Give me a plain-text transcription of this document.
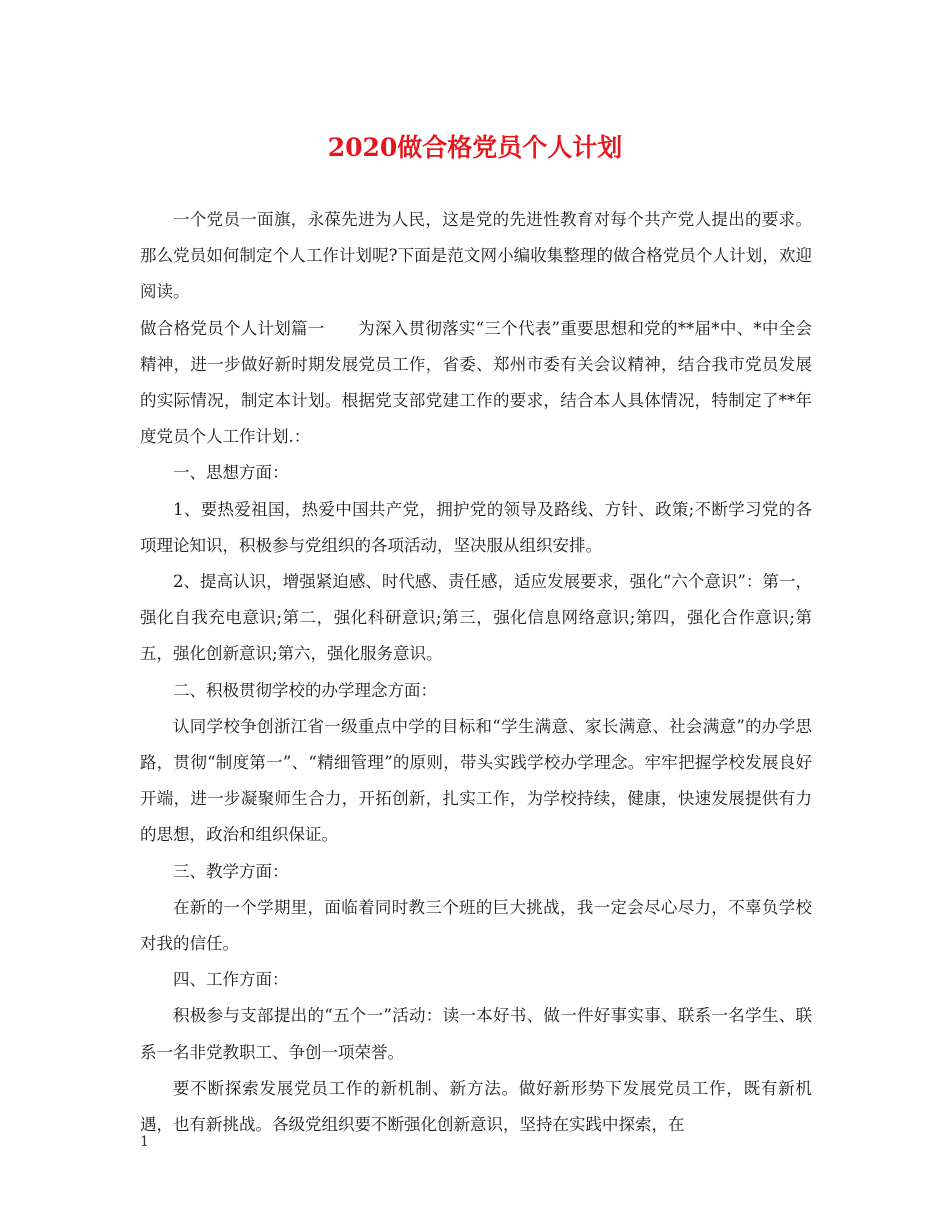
2020做合格党员个人计划

一个党员一面旗，永葆先进为人民，这是党的先进性教育对每个共产党人提出的要求。那么党员如何制定个人工作计划呢?下面是范文网小编收集整理的做合格党员个人计划，欢迎阅读。

做合格党员个人计划篇一　　为深入贯彻落实“三个代表”重要思想和党的**届*中、*中全会精神，进一步做好新时期发展党员工作，省委、郑州市委有关会议精神，结合我市党员发展的实际情况，制定本计划。根据党支部党建工作的要求，结合本人具体情况，特制定了**年度党员个人工作计划.：

一、思想方面：

1、要热爱祖国，热爱中国共产党，拥护党的领导及路线、方针、政策;不断学习党的各项理论知识，积极参与党组织的各项活动，坚决服从组织安排。

2、提高认识，增强紧迫感、时代感、责任感，适应发展要求，强化“六个意识”：第一，强化自我充电意识;第二，强化科研意识;第三，强化信息网络意识;第四，强化合作意识;第五，强化创新意识;第六，强化服务意识。

二、积极贯彻学校的办学理念方面：

认同学校争创浙江省一级重点中学的目标和“学生满意、家长满意、社会满意”的办学思路，贯彻“制度第一”、“精细管理”的原则，带头实践学校办学理念。牢牢把握学校发展良好开端，进一步凝聚师生合力，开拓创新，扎实工作，为学校持续，健康，快速发展提供有力的思想，政治和组织保证。

三、教学方面：

在新的一个学期里，面临着同时教三个班的巨大挑战，我一定会尽心尽力，不辜负学校对我的信任。

四、工作方面：

积极参与支部提出的“五个一”活动：读一本好书、做一件好事实事、联系一名学生、联系一名非党教职工、争创一项荣誉。

要不断探索发展党员工作的新机制、新方法。做好新形势下发展党员工作，既有新机遇，也有新挑战。各级党组织要不断强化创新意识，坚持在实践中探索，在

1
